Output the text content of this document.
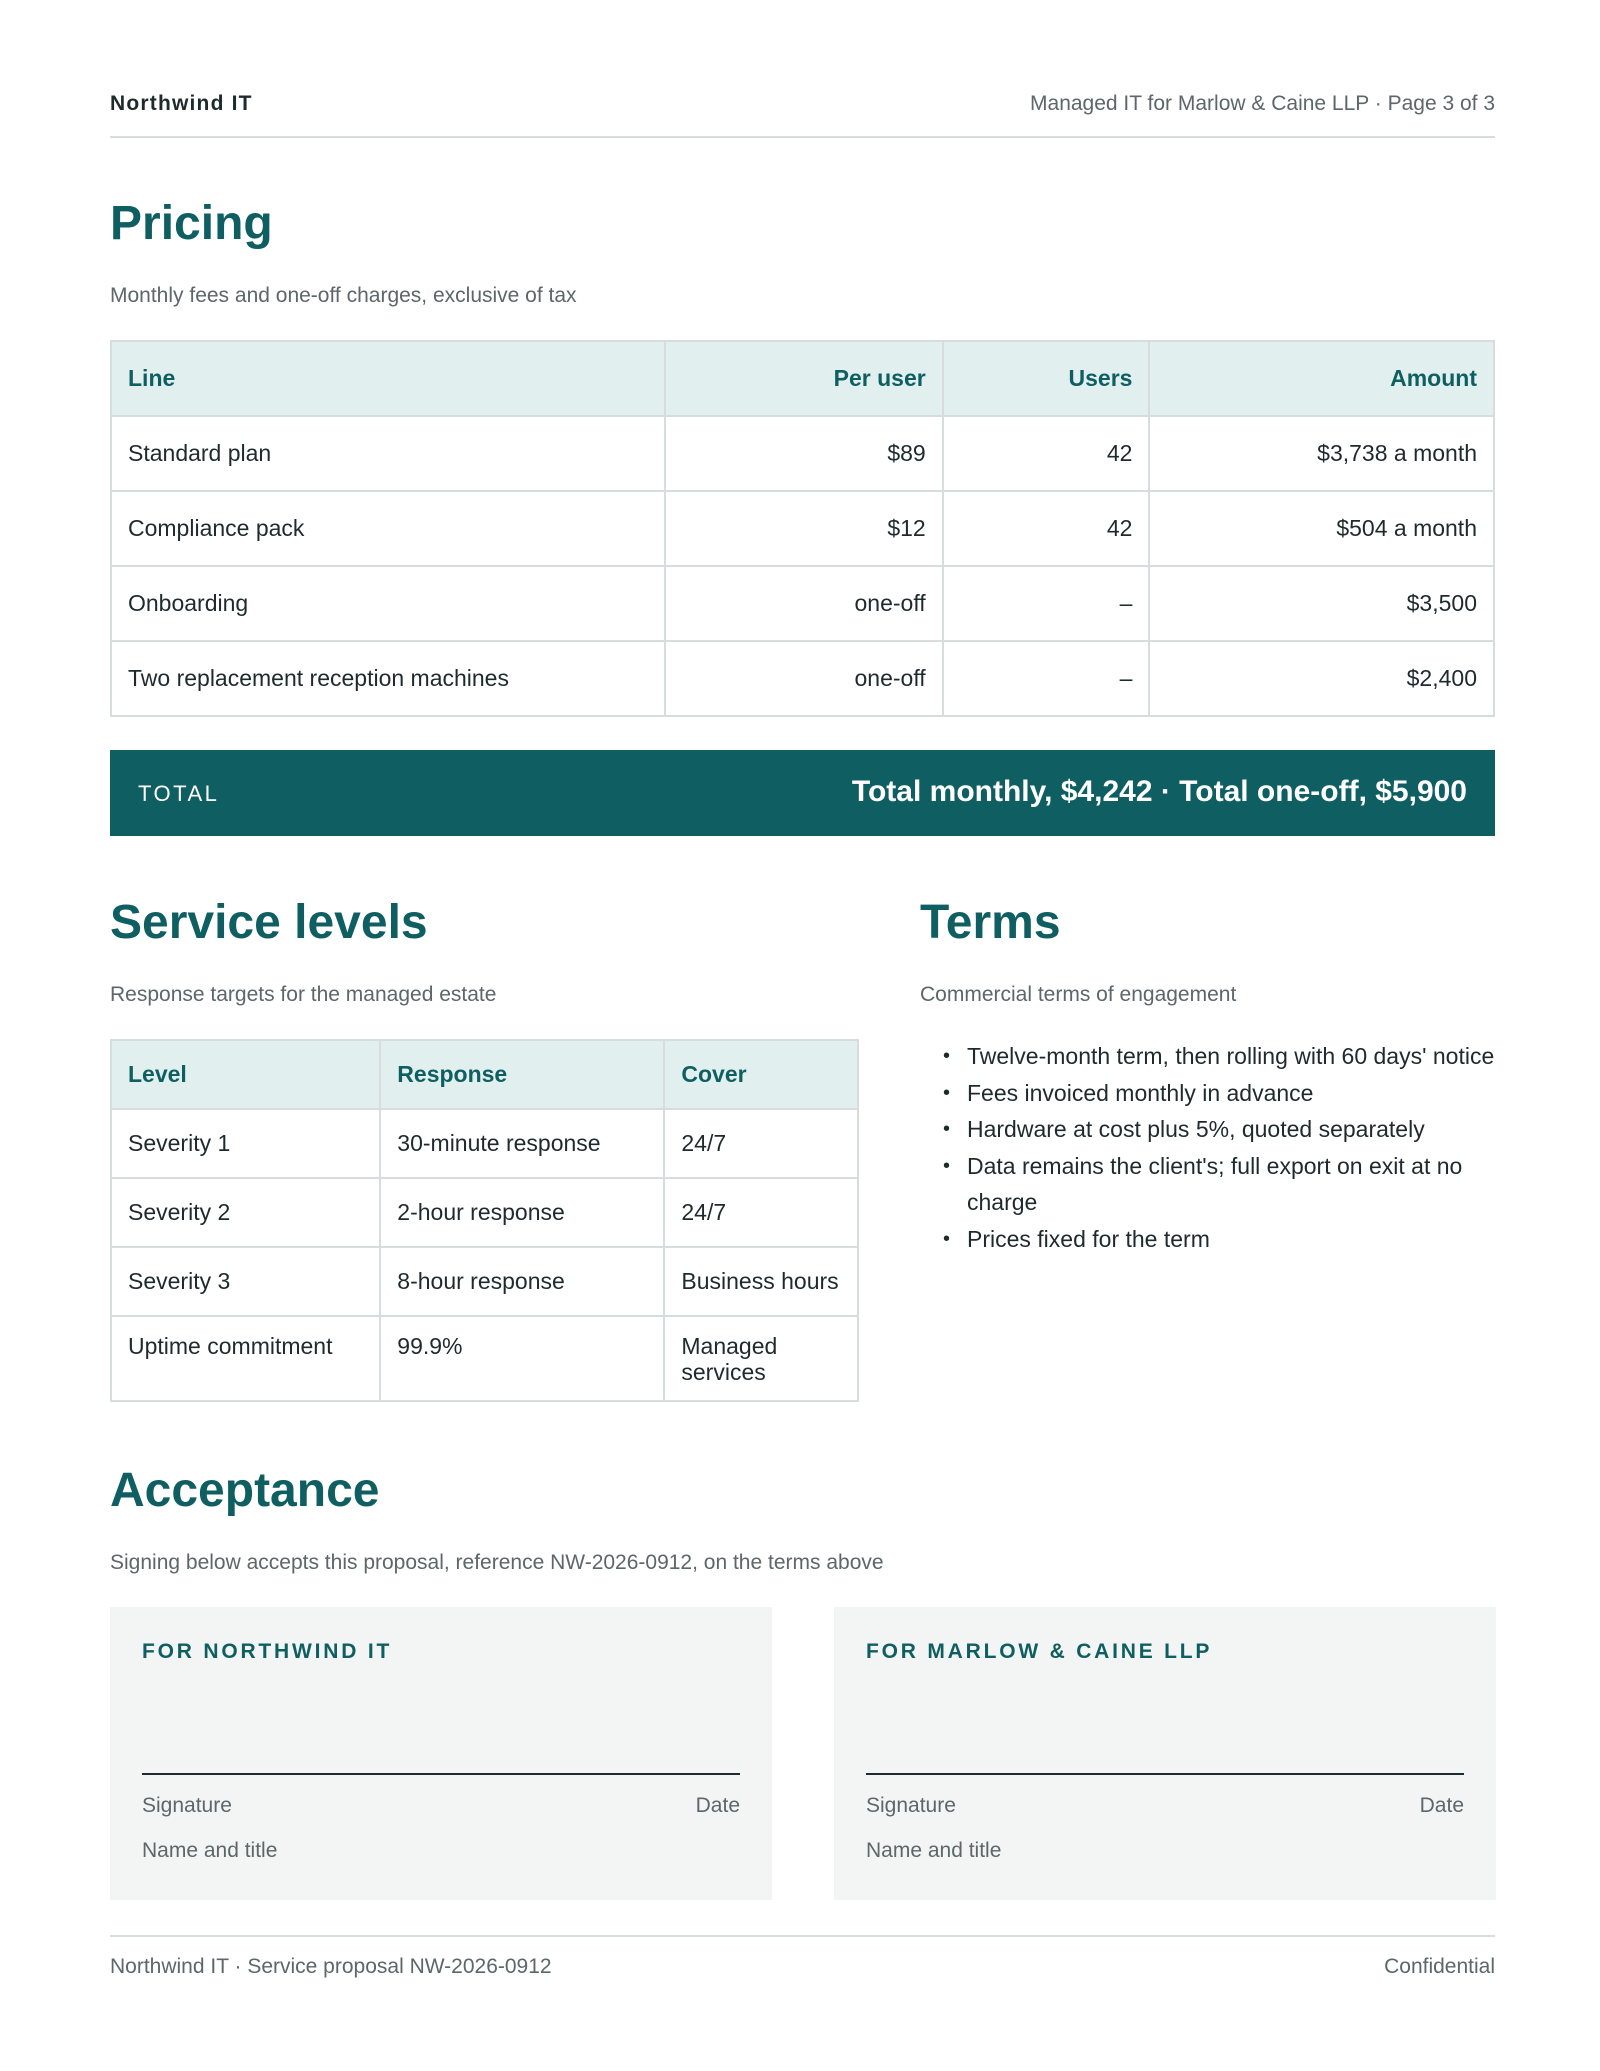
Northwind IT	Managed IT for Marlow & Caine LLP · Page 3 of 3
Pricing
Monthly fees and one-off charges, exclusive of tax
Line	Per user	Users	Amount
Standard plan	$89	42	$3,738 a month
Compliance pack	$12	42	$504 a month
Onboarding	one-off	–	$3,500
Two replacement reception machines	one-off	–	$2,400
TOTAL	Total monthly, $4,242 · Total one-off, $5,900
Service levels
Response targets for the managed estate
Level	Response	Cover
Severity 1	30-minute response	24/7
Severity 2	2-hour response	24/7
Severity 3	8-hour response	Business hours
Uptime commitment	99.9%	Managed services
Terms
Commercial terms of engagement
• Twelve-month term, then rolling with 60 days' notice
• Fees invoiced monthly in advance
• Hardware at cost plus 5%, quoted separately
• Data remains the client's; full export on exit at no charge
• Prices fixed for the term
Acceptance
Signing below accepts this proposal, reference NW-2026-0912, on the terms above
FOR NORTHWIND IT
Signature	Date
Name and title
FOR MARLOW & CAINE LLP
Signature	Date
Name and title
Northwind IT · Service proposal NW-2026-0912	Confidential
